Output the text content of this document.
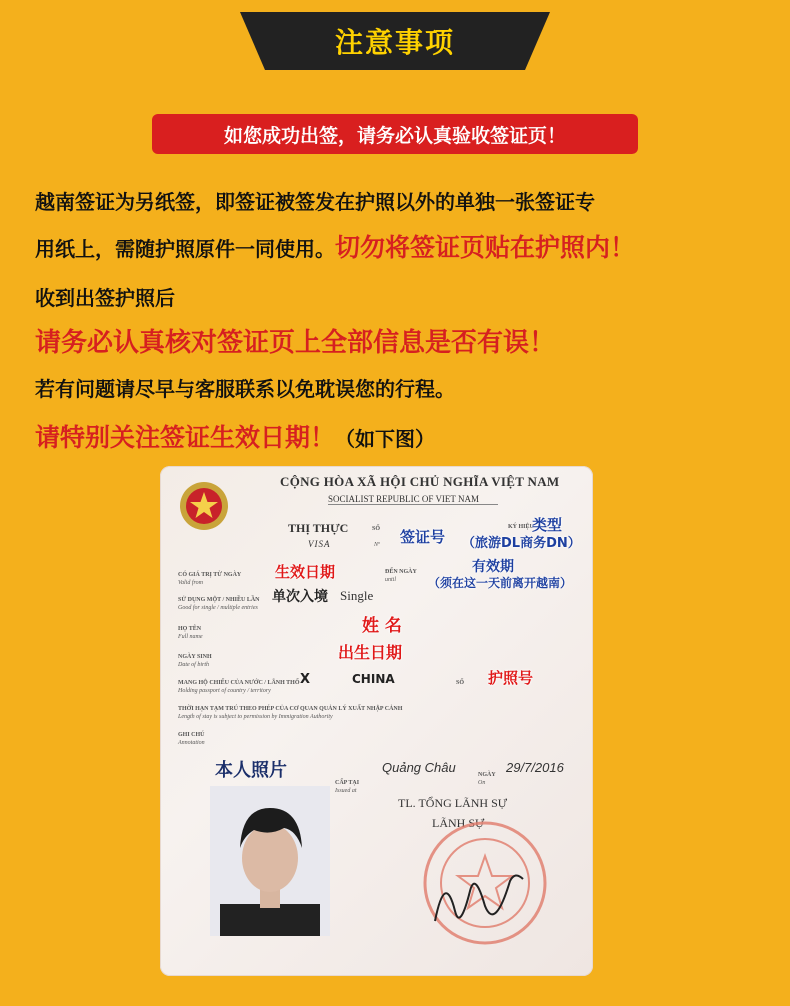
注意事项
如您成功出签，请务必认真验收签证页！
越南签证为另纸签，即签证被签发在护照以外的单独一张签证专
用纸上，需随护照原件一同使用。切勿将签证页贴在护照内！
收到出签护照后
请务必认真核对签证页上全部信息是否有误！
若有问题请尽早与客服联系以免耽误您的行程。
请特别关注签证生效日期！（如下图）
CỘNG HÒA XÃ HỘI CHỦ NGHĨA VIỆT NAM
SOCIALIST REPUBLIC OF VIET NAM
THỊ THỰC
VISA
SỐ
Nº
KÝ HIỆU
签证号
类型
（旅游DL商务DN）
CÓ GIÁ TRỊ TỪ NGÀY
Valid from
生效日期	ĐẾN NGÀY
until
有效期
（须在这一天前离开越南）
SỬ DỤNG MỘT / NHIỀU LẦN
Good for single / multiple entries
单次入境 Single
HỌ TÊN
Full name
姓 名
NGÀY SINH
Date of birth
出生日期
MANG HỘ CHIẾU CỦA NƯỚC / LÃNH THỔ
Holding passport of country / territory
X	CHINA	SỐ 护照号
THỜI HẠN TẠM TRÚ THEO PHÉP CỦA CƠ QUAN QUẢN LÝ XUẤT NHẬP CẢNH
Length of stay is subject to permission by Immigration Authority
GHI CHÚ
Annotation
本人照片
CẤP TẠI
Issued at
Quảng Châu	NGÀY
On
29/7/2016
TL. TỔNG LÃNH SỰ
LÃNH SỰ
